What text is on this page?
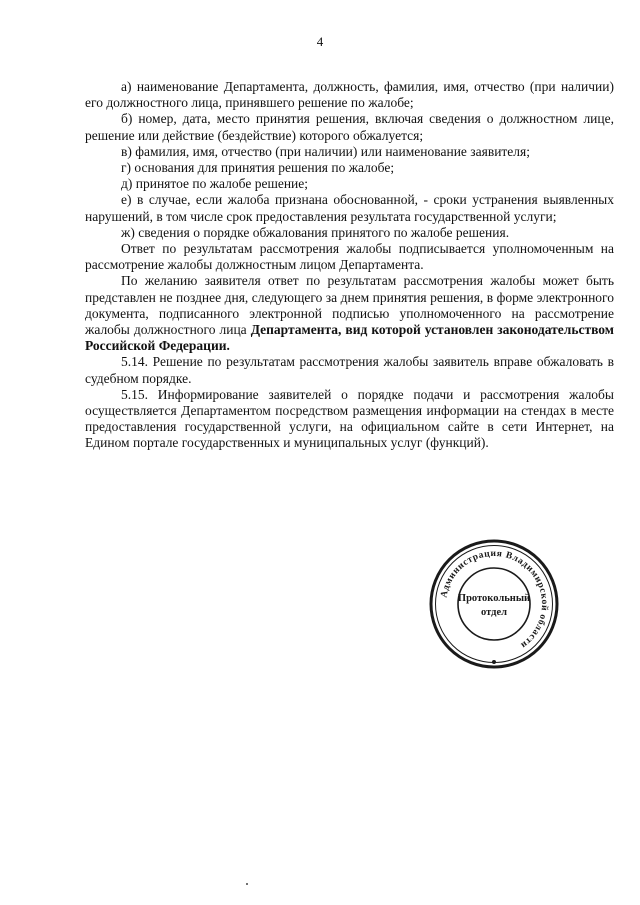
4

а) наименование Департамента, должность, фамилия, имя, отчество (при наличии) его должностного лица, принявшего решение по жалобе;

б) номер, дата, место принятия решения, включая сведения о должностном лице, решение или действие (бездействие) которого обжалуется;

в) фамилия, имя, отчество (при наличии) или наименование заявителя;

г) основания для принятия решения по жалобе;

д) принятое по жалобе решение;

е) в случае, если жалоба признана обоснованной, - сроки устранения выявленных нарушений, в том числе срок предоставления результата государственной услуги;

ж) сведения о порядке обжалования принятого по жалобе решения.

Ответ по результатам рассмотрения жалобы подписывается уполномоченным на рассмотрение жалобы должностным лицом Департамента.

По желанию заявителя ответ по результатам рассмотрения жалобы может быть представлен не позднее дня, следующего за днем принятия решения, в форме электронного документа, подписанного электронной подписью уполномоченного на рассмотрение жалобы должностного лица Департамента, вид которой установлен законодательством Российской Федерации.

5.14. Решение по результатам рассмотрения жалобы заявитель вправе обжаловать в судебном порядке.

5.15. Информирование заявителей о порядке подачи и рассмотрения жалобы осуществляется Департаментом посредством размещения информации на стендах в месте предоставления государственной услуги, на официальном сайте в сети Интернет, на Едином портале государственных и муниципальных услуг (функций).

Администрация Владимирской области
Протокольный
отдел
